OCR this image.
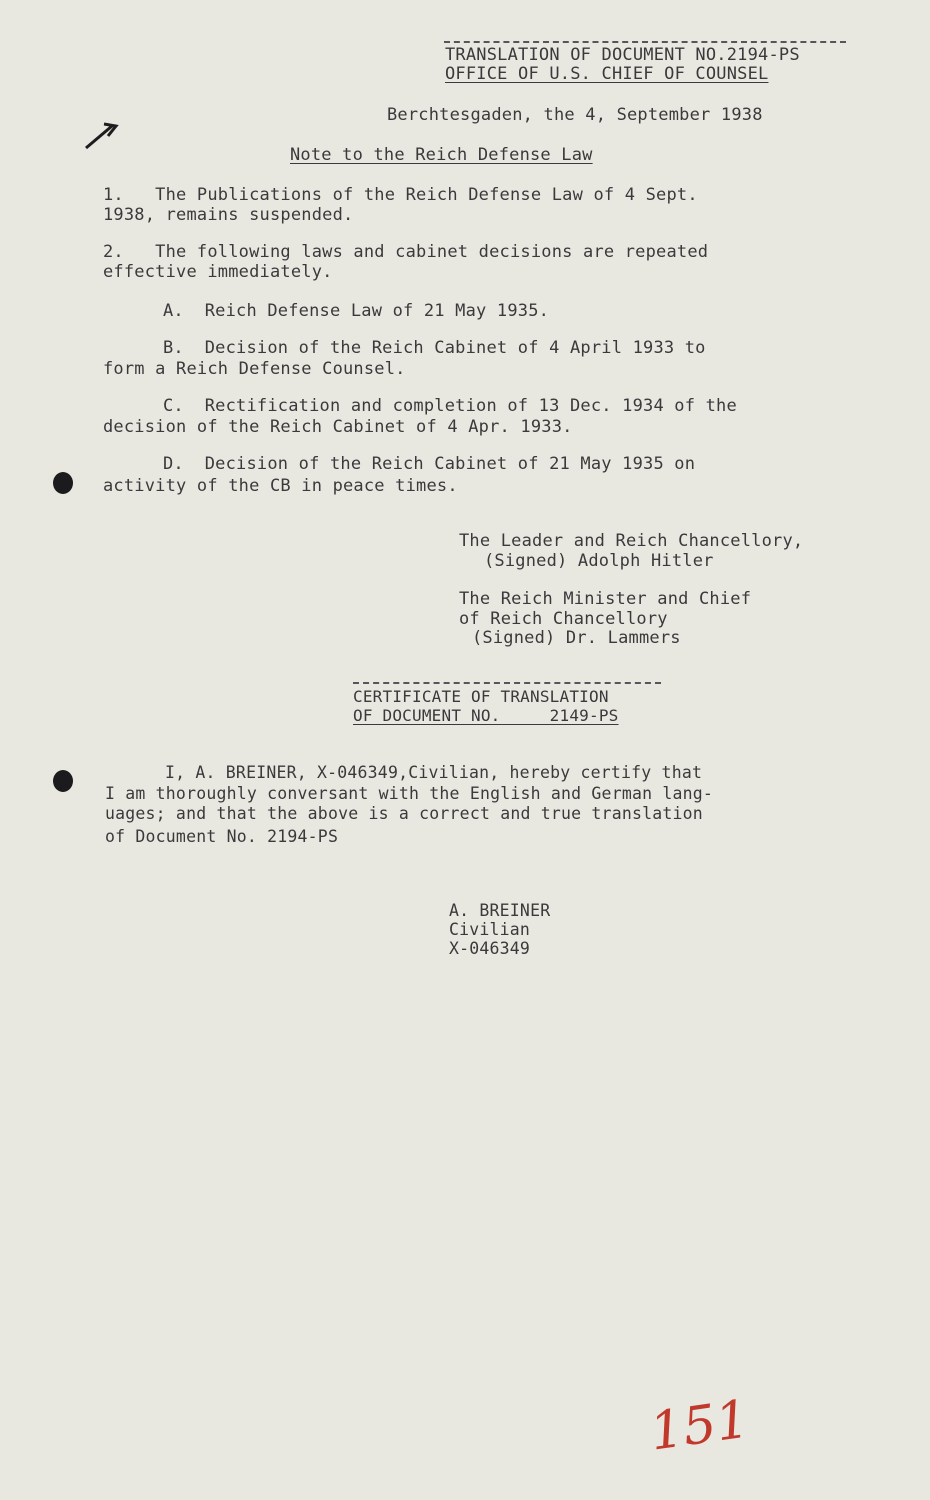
TRANSLATION OF DOCUMENT NO.2194-PS
OFFICE OF U.S. CHIEF OF COUNSEL
Berchtesgaden, the 4, September 1938
Note to the Reich Defense Law
1.   The Publications of the Reich Defense Law of 4 Sept.
1938, remains suspended.
2.   The following laws and cabinet decisions are repeated
effective immediately.
A.  Reich Defense Law of 21 May 1935.
B.  Decision of the Reich Cabinet of 4 April 1933 to
form a Reich Defense Counsel.
C.  Rectification and completion of 13 Dec. 1934 of the
decision of the Reich Cabinet of 4 Apr. 1933.
D.  Decision of the Reich Cabinet of 21 May 1935 on
activity of the CB in peace times.
The Leader and Reich Chancellory,
(Signed) Adolph Hitler
The Reich Minister and Chief
of Reich Chancellory
(Signed) Dr. Lammers
CERTIFICATE OF TRANSLATION
OF DOCUMENT NO.     2149-PS
I, A. BREINER, X-046349,Civilian, hereby certify that
I am thoroughly conversant with the English and German lang-
uages; and that the above is a correct and true translation
of Document No. 2194-PS
A. BREINER
Civilian
X-046349
151
